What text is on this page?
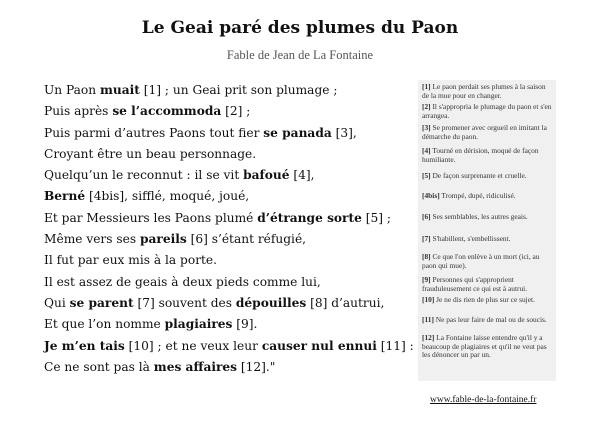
Le Geai paré des plumes du Paon
Fable de Jean de La Fontaine
Un Paon muait [1] ; un Geai prit son plumage ;
Puis après se l’accommoda [2] ;
Puis parmi d’autres Paons tout fier se panada [3],
Croyant être un beau personnage.
Quelqu’un le reconnut : il se vit bafoué [4],
Berné [4bis], sifflé, moqué, joué,
Et par Messieurs les Paons plumé d’étrange sorte [5] ;
Même vers ses pareils [6] s’étant réfugié,
Il fut par eux mis à la porte.
Il est assez de geais à deux pieds comme lui,
Qui se parent [7] souvent des dépouilles [8] d’autrui,
Et que l’on nomme plagiaires [9].
Je m’en tais [10] ; et ne veux leur causer nul ennui [11] :
Ce ne sont pas là mes affaires [12]."
[1] Le paon perdait ses plumes à la saison de la mue pour en changer.
[2] Il s'appropria le plumage du paon et s'en arrangea.
[3] Se promener avec orgueil en imitant la démarche du paon.
[4] Tourné en dérision, moqué de façon humiliante.
[5] De façon surprenante et cruelle.
[4bis] Trompé, dupé, ridiculisé.
[6] Ses semblables, les autres geais.
[7] S'habillent, s'embellissent.
[8] Ce que l'on enlève à un mort (ici, au paon qui mue).
[9] Personnes qui s'approprient frauduleusement ce qui est à autrui.
[10] Je ne dis rien de plus sur ce sujet.
[11] Ne pas leur faire de mal ou de soucis.
[12] La Fontaine laisse entendre qu'il y a beaucoup de plagiaires et qu'il ne veut pas les dénoncer un par un.
www.fable-de-la-fontaine.fr
